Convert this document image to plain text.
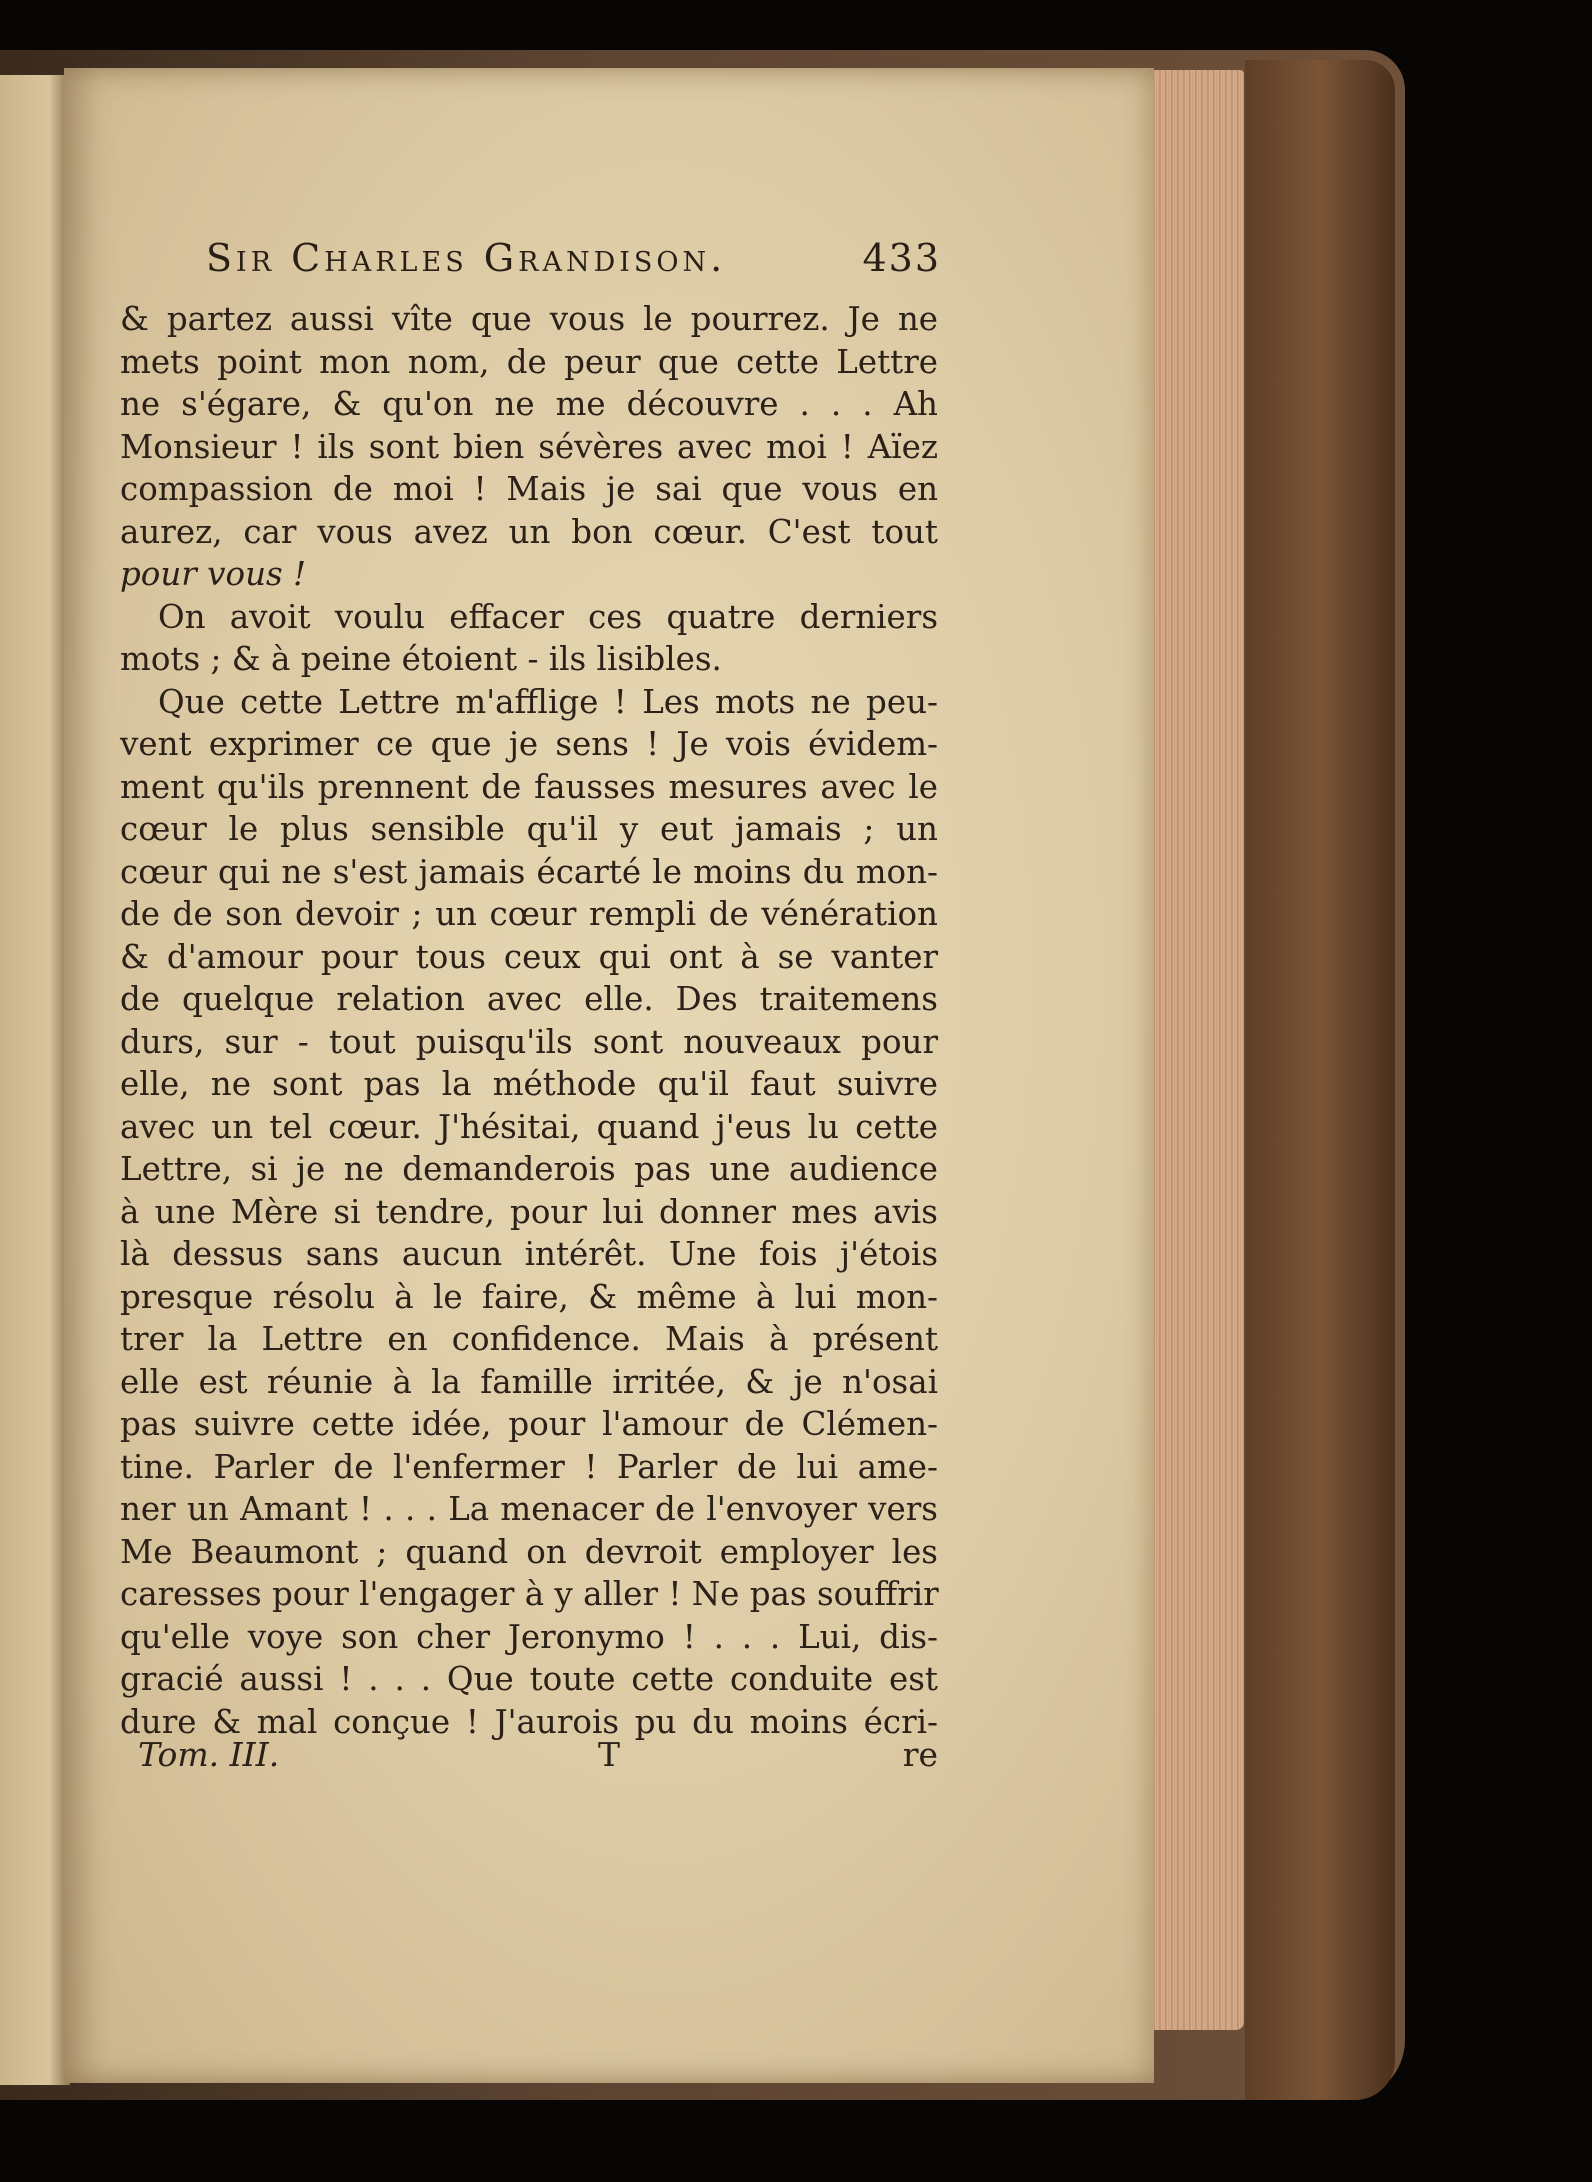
Sir Charles Grandison.	433
& partez aussi vîte que vous le pourrez. Je ne
mets point mon nom, de peur que cette Lettre
ne s'égare, & qu'on ne me découvre . . . Ah
Monsieur ! ils sont bien sévères avec moi ! Aïez
compassion de moi ! Mais je sai que vous en
aurez, car vous avez un bon cœur. C'est tout
pour vous !
On avoit voulu effacer ces quatre derniers
mots ; & à peine étoient - ils lisibles.
Que cette Lettre m'afflige ! Les mots ne peu-
vent exprimer ce que je sens ! Je vois évidem-
ment qu'ils prennent de fausses mesures avec le
cœur le plus sensible qu'il y eut jamais ; un
cœur qui ne s'est jamais écarté le moins du mon-
de de son devoir ; un cœur rempli de vénération
& d'amour pour tous ceux qui ont à se vanter
de quelque relation avec elle. Des traitemens
durs, sur - tout puisqu'ils sont nouveaux pour
elle, ne sont pas la méthode qu'il faut suivre
avec un tel cœur. J'hésitai, quand j'eus lu cette
Lettre, si je ne demanderois pas une audience
à une Mère si tendre, pour lui donner mes avis
là dessus sans aucun intérêt. Une fois j'étois
presque résolu à le faire, & même à lui mon-
trer la Lettre en confidence. Mais à présent
elle est réunie à la famille irritée, & je n'osai
pas suivre cette idée, pour l'amour de Clémen-
tine. Parler de l'enfermer ! Parler de lui ame-
ner un Amant ! . . . La menacer de l'envoyer vers
Me Beaumont ; quand on devroit employer les
caresses pour l'engager à y aller ! Ne pas souffrir
qu'elle voye son cher Jeronymo ! . . . Lui, dis-
gracié aussi ! . . . Que toute cette conduite est
dure & mal conçue ! J'aurois pu du moins écri-
Tom. III.	T	re
